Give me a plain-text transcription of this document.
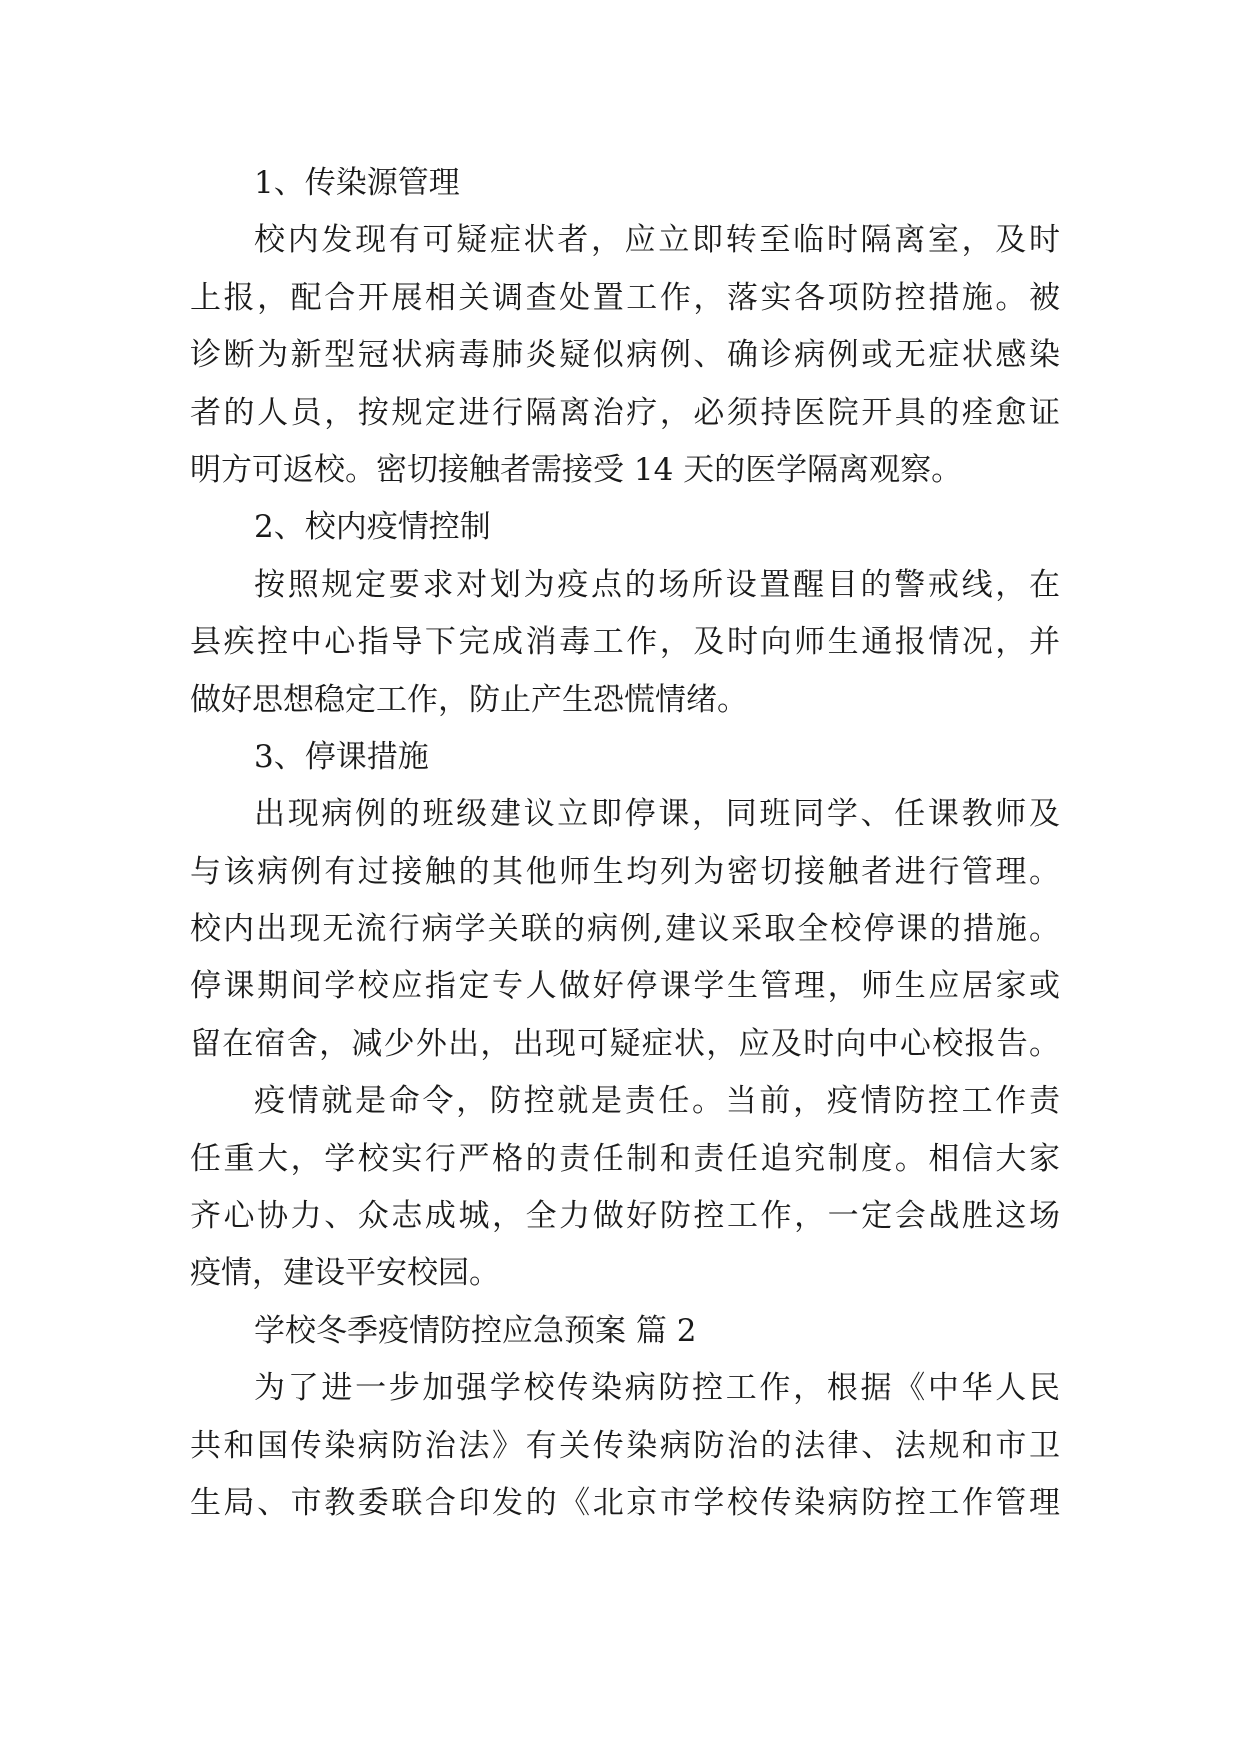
1、传染源管理
校内发现有可疑症状者，应立即转至临时隔离室，及时
上报，配合开展相关调查处置工作，落实各项防控措施。被
诊断为新型冠状病毒肺炎疑似病例、确诊病例或无症状感染
者的人员，按规定进行隔离治疗，必须持医院开具的痊愈证
明方可返校。密切接触者需接受 14 天的医学隔离观察。
2、校内疫情控制
按照规定要求对划为疫点的场所设置醒目的警戒线，在
县疾控中心指导下完成消毒工作，及时向师生通报情况，并
做好思想稳定工作，防止产生恐慌情绪。
3、停课措施
出现病例的班级建议立即停课，同班同学、任课教师及
与该病例有过接触的其他师生均列为密切接触者进行管理。
校内出现无流行病学关联的病例,建议采取全校停课的措施。
停课期间学校应指定专人做好停课学生管理，师生应居家或
留在宿舍，减少外出，出现可疑症状，应及时向中心校报告。
疫情就是命令，防控就是责任。当前，疫情防控工作责
任重大，学校实行严格的责任制和责任追究制度。相信大家
齐心协力、众志成城，全力做好防控工作，一定会战胜这场
疫情，建设平安校园。
学校冬季疫情防控应急预案 篇 2
为了进一步加强学校传染病防控工作，根据《中华人民
共和国传染病防治法》有关传染病防治的法律、法规和市卫
生局、市教委联合印发的《北京市学校传染病防控工作管理
